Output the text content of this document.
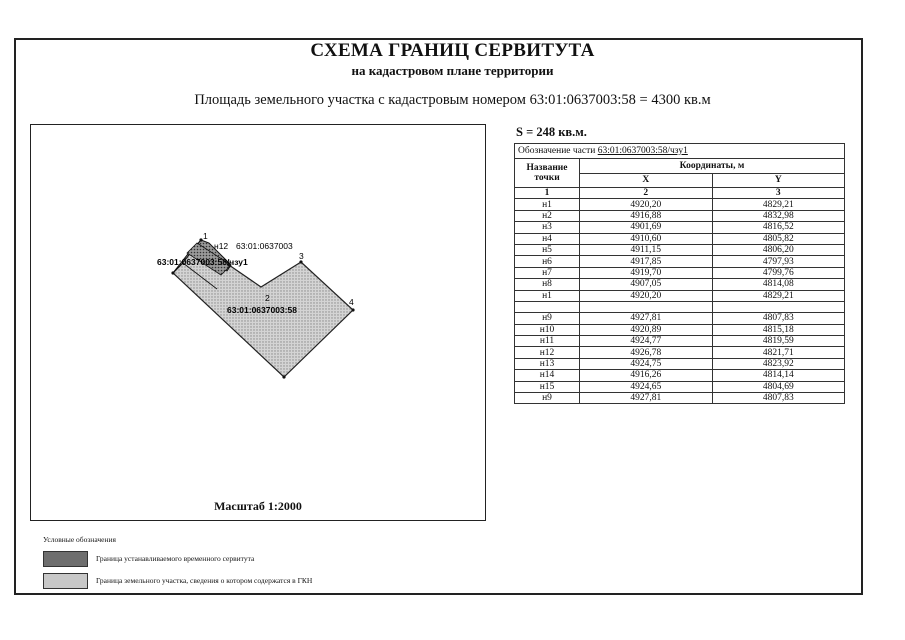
СХЕМА ГРАНИЦ СЕРВИТУТА
на кадастровом плане территории
Площадь земельного участка с кадастровым номером 63:01:0637003:58 = 4300 кв.м
1
2
3
4
н12 63:01:0637003
63:01:0637003:58/чзу1
63:01:0637003:58
Масштаб 1:2000
S = 248 кв.м.
Обозначение части 63:01:0637003:58/чзу1		
Название точки	Координаты, м	
	X	Y
1	2	3
н1	4920,20	4829,21
н2	4916,88	4832,98
н3	4901,69	4816,52
н4	4910,60	4805,82
н5	4911,15	4806,20
н6	4917,85	4797,93
н7	4919,70	4799,76
н8	4907,05	4814,08
н1	4920,20	4829,21

н9	4927,81	4807,83
н10	4920,89	4815,18
н11	4924,77	4819,59
н12	4926,78	4821,71
н13	4924,75	4823,92
н14	4916,26	4814,14
н15	4924,65	4804,69
н9	4927,81	4807,83
Условные обозначения
Граница устанавливаемого временного сервитута
Граница земельного участка, сведения о котором содержатся в ГКН
